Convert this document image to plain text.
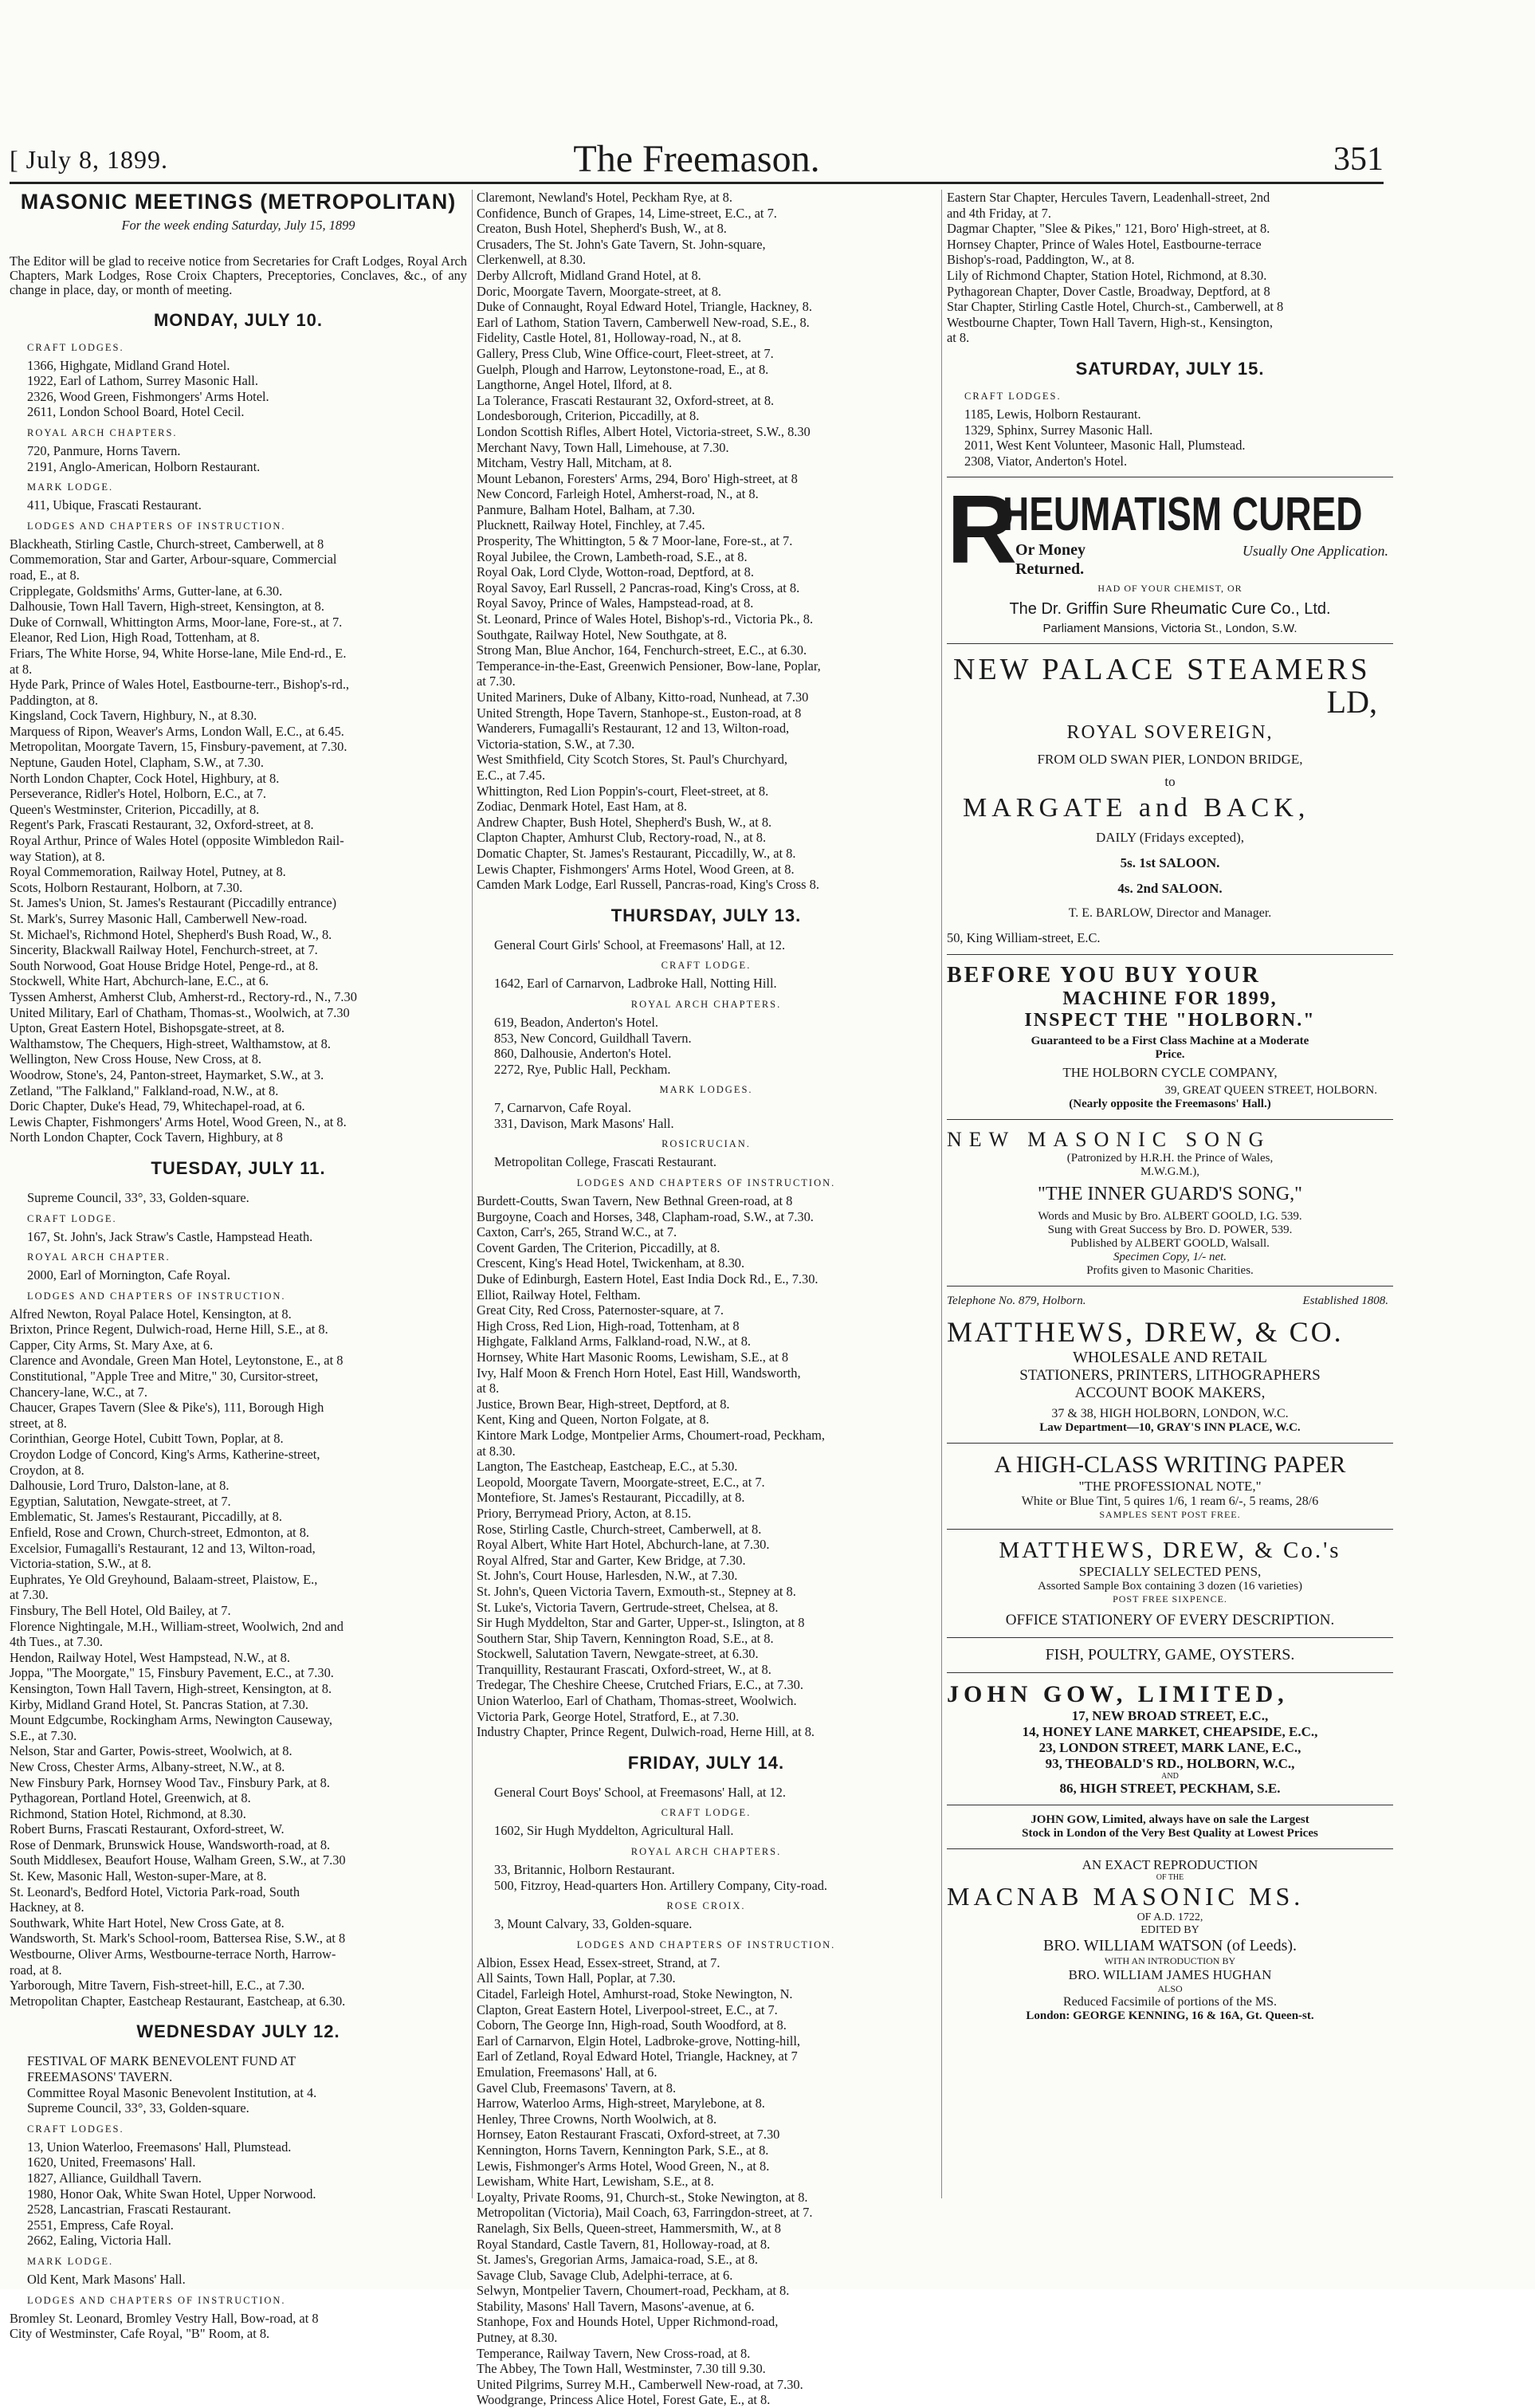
[ July 8, 1899.	The Freemason.	351
MASONIC MEETINGS (METROPOLITAN)
For the week ending Saturday, July 15, 1899
The Editor will be glad to receive notice from Secretaries for Craft Lodges, Royal Arch Chapters, Mark Lodges, Rose Croix Chapters, Preceptories, Conclaves, &c., of any change in place, day, or month of meeting.
MONDAY, JULY 10.
CRAFT LODGES.
1366, Highgate, Midland Grand Hotel.
1922, Earl of Lathom, Surrey Masonic Hall.
2326, Wood Green, Fishmongers' Arms Hotel.
2611, London School Board, Hotel Cecil.
ROYAL ARCH CHAPTERS.
720, Panmure, Horns Tavern.
2191, Anglo-American, Holborn Restaurant.
MARK LODGE.
411, Ubique, Frascati Restaurant.
LODGES AND CHAPTERS OF INSTRUCTION.
Blackheath, Stirling Castle, Church-street, Camberwell, at 8
Commemoration, Star and Garter, Arbour-square, Commercial
road, E., at 8.
Cripplegate, Goldsmiths' Arms, Gutter-lane, at 6.30.
Dalhousie, Town Hall Tavern, High-street, Kensington, at 8.
Duke of Cornwall, Whittington Arms, Moor-lane, Fore-st., at 7.
Eleanor, Red Lion, High Road, Tottenham, at 8.
Friars, The White Horse, 94, White Horse-lane, Mile End-rd., E.
at 8.
Hyde Park, Prince of Wales Hotel, Eastbourne-terr., Bishop's-rd.,
Paddington, at 8.
Kingsland, Cock Tavern, Highbury, N., at 8.30.
Marquess of Ripon, Weaver's Arms, London Wall, E.C., at 6.45.
Metropolitan, Moorgate Tavern, 15, Finsbury-pavement, at 7.30.
Neptune, Gauden Hotel, Clapham, S.W., at 7.30.
North London Chapter, Cock Hotel, Highbury, at 8.
Perseverance, Ridler's Hotel, Holborn, E.C., at 7.
Queen's Westminster, Criterion, Piccadilly, at 8.
Regent's Park, Frascati Restaurant, 32, Oxford-street, at 8.
Royal Arthur, Prince of Wales Hotel (opposite Wimbledon Rail-
way Station), at 8.
Royal Commemoration, Railway Hotel, Putney, at 8.
Scots, Holborn Restaurant, Holborn, at 7.30.
St. James's Union, St. James's Restaurant (Piccadilly entrance)
St. Mark's, Surrey Masonic Hall, Camberwell New-road.
St. Michael's, Richmond Hotel, Shepherd's Bush Road, W., 8.
Sincerity, Blackwall Railway Hotel, Fenchurch-street, at 7.
South Norwood, Goat House Bridge Hotel, Penge-rd., at 8.
Stockwell, White Hart, Abchurch-lane, E.C., at 6.
Tyssen Amherst, Amherst Club, Amherst-rd., Rectory-rd., N., 7.30
United Military, Earl of Chatham, Thomas-st., Woolwich, at 7.30
Upton, Great Eastern Hotel, Bishopsgate-street, at 8.
Walthamstow, The Chequers, High-street, Walthamstow, at 8.
Wellington, New Cross House, New Cross, at 8.
Woodrow, Stone's, 24, Panton-street, Haymarket, S.W., at 3.
Zetland, "The Falkland," Falkland-road, N.W., at 8.
Doric Chapter, Duke's Head, 79, Whitechapel-road, at 6.
Lewis Chapter, Fishmongers' Arms Hotel, Wood Green, N., at 8.
North London Chapter, Cock Tavern, Highbury, at 8
TUESDAY, JULY 11.
Supreme Council, 33°, 33, Golden-square.
CRAFT LODGE.
167, St. John's, Jack Straw's Castle, Hampstead Heath.
ROYAL ARCH CHAPTER.
2000, Earl of Mornington, Cafe Royal.
LODGES AND CHAPTERS OF INSTRUCTION.
Alfred Newton, Royal Palace Hotel, Kensington, at 8.
Brixton, Prince Regent, Dulwich-road, Herne Hill, S.E., at 8.
Capper, City Arms, St. Mary Axe, at 6.
Clarence and Avondale, Green Man Hotel, Leytonstone, E., at 8
Constitutional, "Apple Tree and Mitre," 30, Cursitor-street,
Chancery-lane, W.C., at 7.
Chaucer, Grapes Tavern (Slee & Pike's), 111, Borough High
street, at 8.
Corinthian, George Hotel, Cubitt Town, Poplar, at 8.
Croydon Lodge of Concord, King's Arms, Katherine-street,
Croydon, at 8.
Dalhousie, Lord Truro, Dalston-lane, at 8.
Egyptian, Salutation, Newgate-street, at 7.
Emblematic, St. James's Restaurant, Piccadilly, at 8.
Enfield, Rose and Crown, Church-street, Edmonton, at 8.
Excelsior, Fumagalli's Restaurant, 12 and 13, Wilton-road,
Victoria-station, S.W., at 8.
Euphrates, Ye Old Greyhound, Balaam-street, Plaistow, E.,
at 7.30.
Finsbury, The Bell Hotel, Old Bailey, at 7.
Florence Nightingale, M.H., William-street, Woolwich, 2nd and
4th Tues., at 7.30.
Hendon, Railway Hotel, West Hampstead, N.W., at 8.
Joppa, "The Moorgate," 15, Finsbury Pavement, E.C., at 7.30.
Kensington, Town Hall Tavern, High-street, Kensington, at 8.
Kirby, Midland Grand Hotel, St. Pancras Station, at 7.30.
Mount Edgcumbe, Rockingham Arms, Newington Causeway,
S.E., at 7.30.
Nelson, Star and Garter, Powis-street, Woolwich, at 8.
New Cross, Chester Arms, Albany-street, N.W., at 8.
New Finsbury Park, Hornsey Wood Tav., Finsbury Park, at 8.
Pythagorean, Portland Hotel, Greenwich, at 8.
Richmond, Station Hotel, Richmond, at 8.30.
Robert Burns, Frascati Restaurant, Oxford-street, W.
Rose of Denmark, Brunswick House, Wandsworth-road, at 8.
South Middlesex, Beaufort House, Walham Green, S.W., at 7.30
St. Kew, Masonic Hall, Weston-super-Mare, at 8.
St. Leonard's, Bedford Hotel, Victoria Park-road, South
Hackney, at 8.
Southwark, White Hart Hotel, New Cross Gate, at 8.
Wandsworth, St. Mark's School-room, Battersea Rise, S.W., at 8
Westbourne, Oliver Arms, Westbourne-terrace North, Harrow-
road, at 8.
Yarborough, Mitre Tavern, Fish-street-hill, E.C., at 7.30.
Metropolitan Chapter, Eastcheap Restaurant, Eastcheap, at 6.30.
WEDNESDAY JULY 12.
FESTIVAL OF MARK BENEVOLENT FUND AT
FREEMASONS' TAVERN.
Committee Royal Masonic Benevolent Institution, at 4.
Supreme Council, 33°, 33, Golden-square.
CRAFT LODGES.
13, Union Waterloo, Freemasons' Hall, Plumstead.
1620, United, Freemasons' Hall.
1827, Alliance, Guildhall Tavern.
1980, Honor Oak, White Swan Hotel, Upper Norwood.
2528, Lancastrian, Frascati Restaurant.
2551, Empress, Cafe Royal.
2662, Ealing, Victoria Hall.
MARK LODGE.
Old Kent, Mark Masons' Hall.
LODGES AND CHAPTERS OF INSTRUCTION.
Bromley St. Leonard, Bromley Vestry Hall, Bow-road, at 8
City of Westminster, Cafe Royal, "B" Room, at 8.
Claremont, Newland's Hotel, Peckham Rye, at 8.
Confidence, Bunch of Grapes, 14, Lime-street, E.C., at 7.
Creaton, Bush Hotel, Shepherd's Bush, W., at 8.
Crusaders, The St. John's Gate Tavern, St. John-square,
Clerkenwell, at 8.30.
Derby Allcroft, Midland Grand Hotel, at 8.
Doric, Moorgate Tavern, Moorgate-street, at 8.
Duke of Connaught, Royal Edward Hotel, Triangle, Hackney, 8.
Earl of Lathom, Station Tavern, Camberwell New-road, S.E., 8.
Fidelity, Castle Hotel, 81, Holloway-road, N., at 8.
Gallery, Press Club, Wine Office-court, Fleet-street, at 7.
Guelph, Plough and Harrow, Leytonstone-road, E., at 8.
Langthorne, Angel Hotel, Ilford, at 8.
La Tolerance, Frascati Restaurant 32, Oxford-street, at 8.
Londesborough, Criterion, Piccadilly, at 8.
London Scottish Rifles, Albert Hotel, Victoria-street, S.W., 8.30
Merchant Navy, Town Hall, Limehouse, at 7.30.
Mitcham, Vestry Hall, Mitcham, at 8.
Mount Lebanon, Foresters' Arms, 294, Boro' High-street, at 8
New Concord, Farleigh Hotel, Amherst-road, N., at 8.
Panmure, Balham Hotel, Balham, at 7.30.
Plucknett, Railway Hotel, Finchley, at 7.45.
Prosperity, The Whittington, 5 & 7 Moor-lane, Fore-st., at 7.
Royal Jubilee, the Crown, Lambeth-road, S.E., at 8.
Royal Oak, Lord Clyde, Wotton-road, Deptford, at 8.
Royal Savoy, Earl Russell, 2 Pancras-road, King's Cross, at 8.
Royal Savoy, Prince of Wales, Hampstead-road, at 8.
St. Leonard, Prince of Wales Hotel, Bishop's-rd., Victoria Pk., 8.
Southgate, Railway Hotel, New Southgate, at 8.
Strong Man, Blue Anchor, 164, Fenchurch-street, E.C., at 6.30.
Temperance-in-the-East, Greenwich Pensioner, Bow-lane, Poplar,
at 7.30.
United Mariners, Duke of Albany, Kitto-road, Nunhead, at 7.30
United Strength, Hope Tavern, Stanhope-st., Euston-road, at 8
Wanderers, Fumagalli's Restaurant, 12 and 13, Wilton-road,
Victoria-station, S.W., at 7.30.
West Smithfield, City Scotch Stores, St. Paul's Churchyard,
E.C., at 7.45.
Whittington, Red Lion Poppin's-court, Fleet-street, at 8.
Zodiac, Denmark Hotel, East Ham, at 8.
Andrew Chapter, Bush Hotel, Shepherd's Bush, W., at 8.
Clapton Chapter, Amhurst Club, Rectory-road, N., at 8.
Domatic Chapter, St. James's Restaurant, Piccadilly, W., at 8.
Lewis Chapter, Fishmongers' Arms Hotel, Wood Green, at 8.
Camden Mark Lodge, Earl Russell, Pancras-road, King's Cross 8.
THURSDAY, JULY 13.
General Court Girls' School, at Freemasons' Hall, at 12.
CRAFT LODGE.
1642, Earl of Carnarvon, Ladbroke Hall, Notting Hill.
ROYAL ARCH CHAPTERS.
619, Beadon, Anderton's Hotel.
853, New Concord, Guildhall Tavern.
860, Dalhousie, Anderton's Hotel.
2272, Rye, Public Hall, Peckham.
MARK LODGES.
7, Carnarvon, Cafe Royal.
331, Davison, Mark Masons' Hall.
ROSICRUCIAN.
Metropolitan College, Frascati Restaurant.
LODGES AND CHAPTERS OF INSTRUCTION.
Burdett-Coutts, Swan Tavern, New Bethnal Green-road, at 8
Burgoyne, Coach and Horses, 348, Clapham-road, S.W., at 7.30.
Caxton, Carr's, 265, Strand W.C., at 7.
Covent Garden, The Criterion, Piccadilly, at 8.
Crescent, King's Head Hotel, Twickenham, at 8.30.
Duke of Edinburgh, Eastern Hotel, East India Dock Rd., E., 7.30.
Elliot, Railway Hotel, Feltham.
Great City, Red Cross, Paternoster-square, at 7.
High Cross, Red Lion, High-road, Tottenham, at 8
Highgate, Falkland Arms, Falkland-road, N.W., at 8.
Hornsey, White Hart Masonic Rooms, Lewisham, S.E., at 8
Ivy, Half Moon & French Horn Hotel, East Hill, Wandsworth,
at 8.
Justice, Brown Bear, High-street, Deptford, at 8.
Kent, King and Queen, Norton Folgate, at 8.
Kintore Mark Lodge, Montpelier Arms, Choumert-road, Peckham,
at 8.30.
Langton, The Eastcheap, Eastcheap, E.C., at 5.30.
Leopold, Moorgate Tavern, Moorgate-street, E.C., at 7.
Montefiore, St. James's Restaurant, Piccadilly, at 8.
Priory, Berrymead Priory, Acton, at 8.15.
Rose, Stirling Castle, Church-street, Camberwell, at 8.
Royal Albert, White Hart Hotel, Abchurch-lane, at 7.30.
Royal Alfred, Star and Garter, Kew Bridge, at 7.30.
St. John's, Court House, Harlesden, N.W., at 7.30.
St. John's, Queen Victoria Tavern, Exmouth-st., Stepney at 8.
St. Luke's, Victoria Tavern, Gertrude-street, Chelsea, at 8.
Sir Hugh Myddelton, Star and Garter, Upper-st., Islington, at 8
Southern Star, Ship Tavern, Kennington Road, S.E., at 8.
Stockwell, Salutation Tavern, Newgate-street, at 6.30.
Tranquillity, Restaurant Frascati, Oxford-street, W., at 8.
Tredegar, The Cheshire Cheese, Crutched Friars, E.C., at 7.30.
Union Waterloo, Earl of Chatham, Thomas-street, Woolwich.
Victoria Park, George Hotel, Stratford, E., at 7.30.
Industry Chapter, Prince Regent, Dulwich-road, Herne Hill, at 8.
FRIDAY, JULY 14.
General Court Boys' School, at Freemasons' Hall, at 12.
CRAFT LODGE.
1602, Sir Hugh Myddelton, Agricultural Hall.
ROYAL ARCH CHAPTERS.
33, Britannic, Holborn Restaurant.
500, Fitzroy, Head-quarters Hon. Artillery Company, City-road.
ROSE CROIX.
3, Mount Calvary, 33, Golden-square.
LODGES AND CHAPTERS OF INSTRUCTION.
Albion, Essex Head, Essex-street, Strand, at 7.
All Saints, Town Hall, Poplar, at 7.30.
Citadel, Farleigh Hotel, Amhurst-road, Stoke Newington, N.
Clapton, Great Eastern Hotel, Liverpool-street, E.C., at 7.
Coborn, The George Inn, High-road, South Woodford, at 8.
Earl of Carnarvon, Elgin Hotel, Ladbroke-grove, Notting-hill,
Earl of Zetland, Royal Edward Hotel, Triangle, Hackney, at 7
Emulation, Freemasons' Hall, at 6.
Gavel Club, Freemasons' Tavern, at 8.
Harrow, Waterloo Arms, High-street, Marylebone, at 8.
Henley, Three Crowns, North Woolwich, at 8.
Hornsey, Eaton Restaurant Frascati, Oxford-street, at 7.30
Kennington, Horns Tavern, Kennington Park, S.E., at 8.
Lewis, Fishmonger's Arms Hotel, Wood Green, N., at 8.
Lewisham, White Hart, Lewisham, S.E., at 8.
Loyalty, Private Rooms, 91, Church-st., Stoke Newington, at 8.
Metropolitan (Victoria), Mail Coach, 63, Farringdon-street, at 7.
Ranelagh, Six Bells, Queen-street, Hammersmith, W., at 8
Royal Standard, Castle Tavern, 81, Holloway-road, at 8.
St. James's, Gregorian Arms, Jamaica-road, S.E., at 8.
Savage Club, Savage Club, Adelphi-terrace, at 6.
Selwyn, Montpelier Tavern, Choumert-road, Peckham, at 8.
Stability, Masons' Hall Tavern, Masons'-avenue, at 6.
Stanhope, Fox and Hounds Hotel, Upper Richmond-road,
Putney, at 8.30.
Temperance, Railway Tavern, New Cross-road, at 8.
The Abbey, The Town Hall, Westminster, 7.30 till 9.30.
United Pilgrims, Surrey M.H., Camberwell New-road, at 7.30.
Woodgrange, Princess Alice Hotel, Forest Gate, E., at 8.
Eastern Star Chapter, Hercules Tavern, Leadenhall-street, 2nd
and 4th Friday, at 7.
Dagmar Chapter, "Slee & Pikes," 121, Boro' High-street, at 8.
Hornsey Chapter, Prince of Wales Hotel, Eastbourne-terrace
Bishop's-road, Paddington, W., at 8.
Lily of Richmond Chapter, Station Hotel, Richmond, at 8.30.
Pythagorean Chapter, Dover Castle, Broadway, Deptford, at 8
Star Chapter, Stirling Castle Hotel, Church-st., Camberwell, at 8
Westbourne Chapter, Town Hall Tavern, High-st., Kensington,
at 8.
SATURDAY, JULY 15.
CRAFT LODGES.
1185, Lewis, Holborn Restaurant.
1329, Sphinx, Surrey Masonic Hall.
2011, West Kent Volunteer, Masonic Hall, Plumstead.
2308, Viator, Anderton's Hotel.
R
HEUMATISM CURED
Or Money	Usually One Application.
Returned.
HAD OF YOUR CHEMIST, OR
The Dr. Griffin Sure Rheumatic Cure Co., Ltd.
Parliament Mansions, Victoria St., London, S.W.
NEW PALACE STEAMERS
LD,
ROYAL SOVEREIGN,
FROM OLD SWAN PIER, LONDON BRIDGE,
to
MARGATE and BACK,
DAILY (Fridays excepted),
5s. 1st SALOON.
4s. 2nd SALOON.
T. E. BARLOW, Director and Manager.
50, King William-street, E.C.
BEFORE YOU BUY YOUR
MACHINE FOR 1899,
INSPECT THE "HOLBORN."
Guaranteed to be a First Class Machine at a Moderate
Price.
THE HOLBORN CYCLE COMPANY,
39, GREAT QUEEN STREET, HOLBORN.
(Nearly opposite the Freemasons' Hall.)
NEW MASONIC SONG
(Patronized by H.R.H. the Prince of Wales,
M.W.G.M.),
"THE INNER GUARD'S SONG,"
Words and Music by Bro. ALBERT GOOLD, I.G. 539.
Sung with Great Success by Bro. D. POWER, 539.
Published by ALBERT GOOLD, Walsall.
Specimen Copy, 1/- net.
Profits given to Masonic Charities.
Telephone No. 879, Holborn.	Established 1808.
MATTHEWS, DREW, & CO.
WHOLESALE AND RETAIL
STATIONERS, PRINTERS, LITHOGRAPHERS
ACCOUNT BOOK MAKERS,
37 & 38, HIGH HOLBORN, LONDON, W.C.
Law Department—10, GRAY'S INN PLACE, W.C.
A HIGH-CLASS WRITING PAPER
"THE PROFESSIONAL NOTE,"
White or Blue Tint, 5 quires 1/6, 1 ream 6/-, 5 reams, 28/6
SAMPLES SENT POST FREE.
MATTHEWS, DREW, & Co.'s
SPECIALLY SELECTED PENS,
Assorted Sample Box containing 3 dozen (16 varieties)
POST FREE SIXPENCE.
OFFICE STATIONERY OF EVERY DESCRIPTION.
FISH, POULTRY, GAME, OYSTERS.
JOHN GOW, LIMITED,
17, NEW BROAD STREET, E.C.,
14, HONEY LANE MARKET, CHEAPSIDE, E.C.,
23, LONDON STREET, MARK LANE, E.C.,
93, THEOBALD'S RD., HOLBORN, W.C.,
AND
86, HIGH STREET, PECKHAM, S.E.
JOHN GOW, Limited, always have on sale the Largest
Stock in London of the Very Best Quality at Lowest Prices
AN EXACT REPRODUCTION
OF THE
MACNAB MASONIC MS.
OF A.D. 1722,
EDITED BY
BRO. WILLIAM WATSON (of Leeds).
WITH AN INTRODUCTION BY
BRO. WILLIAM JAMES HUGHAN
ALSO
Reduced Facsimile of portions of the MS.
London: GEORGE KENNING, 16 & 16A, Gt. Queen-st.
